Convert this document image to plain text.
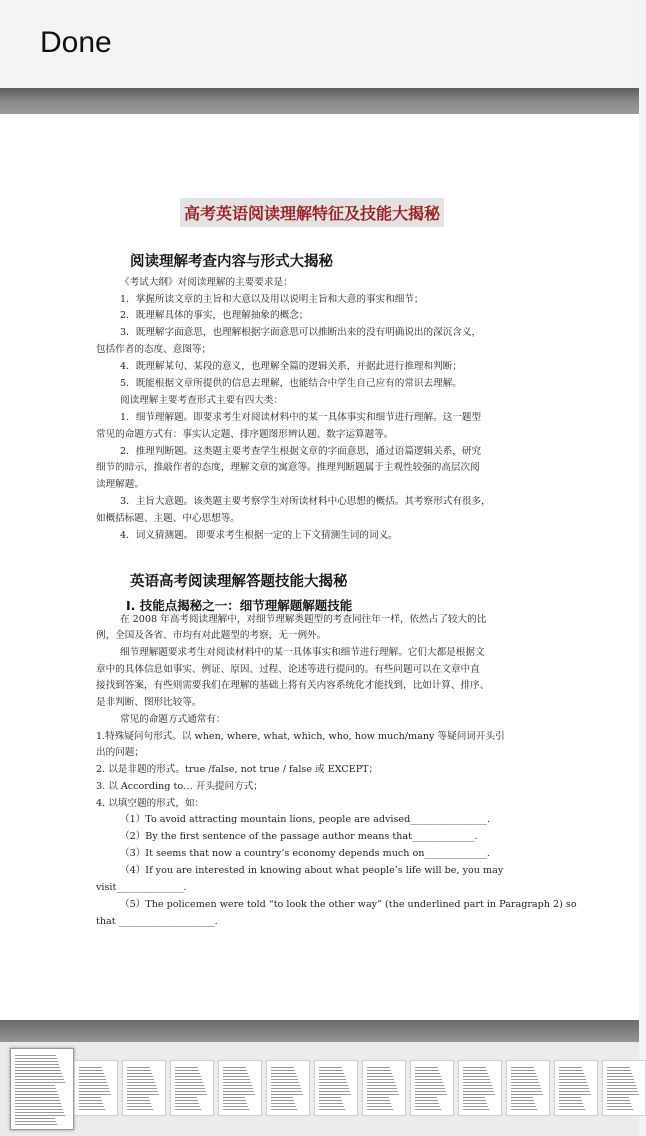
Done
高考英语阅读理解特征及技能大揭秘
阅读理解考查内容与形式大揭秘
《考试大纲》对阅读理解的主要要求是：
1．掌握所读文章的主旨和大意以及用以说明主旨和大意的事实和细节；
2．既理解具体的事实，也理解抽象的概念；
3．既理解字面意思，也理解根据字面意思可以推断出来的没有明确说出的深沉含义，
包括作者的态度、意图等；
4．既理解某句、某段的意义，也理解全篇的逻辑关系，并据此进行推理和判断；
5．既能根据文章所提供的信息去理解，也能结合中学生自己应有的常识去理解。
阅读理解主要考查形式主要有四大类：
1．细节理解题。即要求考生对阅读材料中的某一具体事实和细节进行理解。这一题型
常见的命题方式有：事实认定题、排序题图形辨认题、数字运算题等。
2．推理判断题。这类题主要考查学生根据文章的字面意思，通过语篇逻辑关系，研究
细节的暗示，推敲作者的态度，理解文章的寓意等。推理判断题属于主观性较强的高层次阅
读理解题。
3．主旨大意题。该类题主要考察学生对所读材料中心思想的概括。其考察形式有很多，
如概括标题、主题、中心思想等。
4．词义猜测题。 即要求考生根据一定的上下文猜测生词的词义。
英语高考阅读理解答题技能大揭秘
I. 技能点揭秘之一：细节理解题解题技能
在 2008 年高考阅读理解中，对细节理解类题型的考查同往年一样，依然占了较大的比
例，全国及各省、市均有对此题型的考察，无一例外。
细节理解题要求考生对阅读材料中的某一具体事实和细节进行理解。它们大都是根据文
章中的具体信息如事实、例证、原因、过程、论述等进行提问的。有些问题可以在文章中直
接找到答案，有些则需要我们在理解的基础上将有关内容系统化才能找到，比如计算、排序、
是非判断、图形比较等。
常见的命题方式通常有：
1.特殊疑问句形式。以 when, where, what, which, who, how much/many 等疑问词开头引
出的问题；
2. 以是非题的形式。true /false, not true / false 或 EXCEPT；
3. 以 According to… 开头提问方式；
4. 以填空题的形式，如：
（1）To avoid attracting mountain lions, people are advised________________.
（2）By the first sentence of the passage author means that_____________.
（3）It seems that now a country’s economy depends much on_____________.
（4）If you are interested in knowing about what people’s life will be, you may
visit______________.
（5）The policemen were told “to look the other way” (the underlined part in Paragraph 2) so
that ____________________.
